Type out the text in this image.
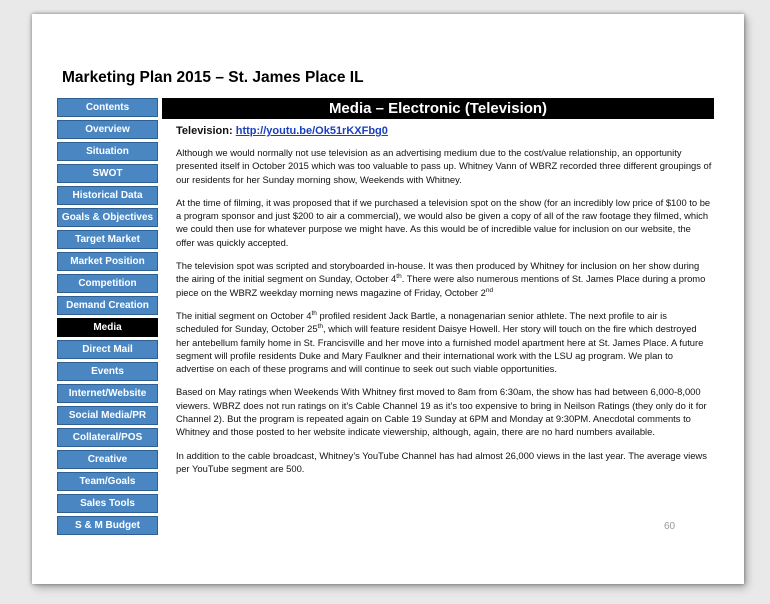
Marketing Plan 2015 – St. James Place IL
Contents
Overview
Situation
SWOT
Historical Data
Goals & Objectives
Target Market
Market Position
Competition
Demand Creation
Media
Direct Mail
Events
Internet/Website
Social Media/PR
Collateral/POS
Creative
Team/Goals
Sales Tools
S & M Budget
Media – Electronic (Television)
Television: http://youtu.be/Ok51rKXFbg0

Although we would normally not use television as an advertising medium due to the cost/value relationship, an opportunity presented itself in October 2015 which was too valuable to pass up. Whitney Vann of WBRZ recorded three different groupings of our residents for her Sunday morning show, Weekends with Whitney.

At the time of filming, it was proposed that if we purchased a television spot on the show (for an incredibly low price of $100 to be a program sponsor and just $200 to air a commercial), we would also be given a copy of all of the raw footage they filmed, which we could then use for whatever purpose we might have. As this would be of incredible value for inclusion on our website, the offer was quickly accepted.

The television spot was scripted and storyboarded in-house. It was then produced by Whitney for inclusion on her show during the airing of the initial segment on Sunday, October 4th. There were also numerous mentions of St. James Place during a promo piece on the WBRZ weekday morning news magazine of Friday, October 2nd

The initial segment on October 4th profiled resident Jack Bartle, a nonagenarian senior athlete. The next profile to air is scheduled for Sunday, October 25th, which will feature resident Daisye Howell. Her story will touch on the fire which destroyed her antebellum family home in St. Francisville and her move into a furnished model apartment here at St. James Place. A future segment will profile residents Duke and Mary Faulkner and their international work with the LSU ag program. We plan to advertise on each of these programs and will continue to seek out such viable opportunities.

Based on May ratings when Weekends With Whitney first moved to 8am from 6:30am, the show has had between 6,000-8,000 viewers. WBRZ does not run ratings on it’s Cable Channel 19 as it’s too expensive to bring in Neilson Ratings (they only do it for Channel 2). But the program is repeated again on Cable 19 Sunday at 6PM and Monday at 9:30PM. Anecdotal comments to Whitney and those posted to her website indicate viewership, although, again, there are no hard numbers available.

In addition to the cable broadcast, Whitney’s YouTube Channel has had almost 26,000 views in the last year. The average views per YouTube segment are 500.

60
